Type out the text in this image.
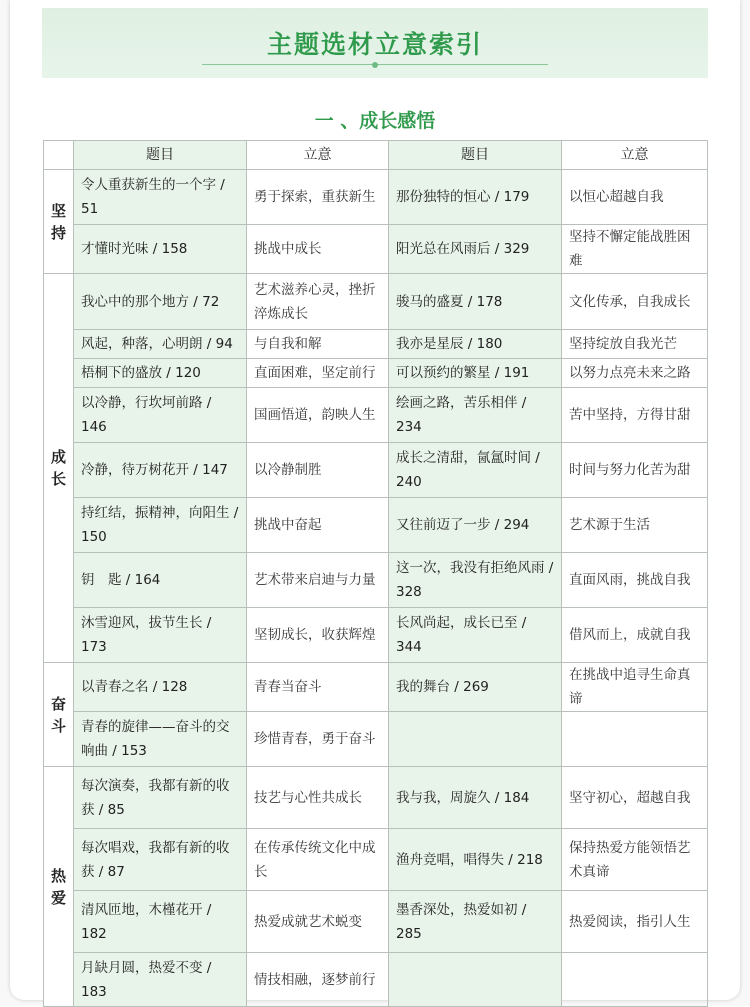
主题选材立意索引
一 、成长感悟
	题目	立意	题目	立意

坚持	令人重获新生的一个字 / 51	勇于探索，重获新生	那份独特的恒心 / 179	以恒心超越自我
	才懂时光味 / 158	挑战中成长	阳光总在风雨后 / 329	坚持不懈定能战胜困难

成长	我心中的那个地方 / 72	艺术滋养心灵，挫折淬炼成长	骏马的盛夏 / 178	文化传承，自我成长
	风起，种落，心明朗 / 94	与自我和解	我亦是星辰 / 180	坚持绽放自我光芒
	梧桐下的盛放 / 120	直面困难，坚定前行	可以预约的繁星 / 191	以努力点亮未来之路
	以冷静，行坎坷前路 / 146	国画悟道，韵映人生	绘画之路，苦乐相伴 / 234	苦中坚持，方得甘甜
	冷静，待万树花开 / 147	以冷静制胜	成长之清甜，氤氲时间 / 240	时间与努力化苦为甜
	持红结，振精神，向阳生 / 150	挑战中奋起	又往前迈了一步 / 294	艺术源于生活
	钥　匙 / 164	艺术带来启迪与力量	这一次，我没有拒绝风雨 / 328	直面风雨，挑战自我
	沐雪迎风，拔节生长 / 173	坚韧成长，收获辉煌	长风尚起，成长已至 / 344	借风而上，成就自我

奋斗	以青春之名 / 128	青春当奋斗	我的舞台 / 269	在挑战中追寻生命真谛
	青春的旋律——奋斗的交响曲 / 153	珍惜青春，勇于奋斗		

热爱	每次演奏，我都有新的收获 / 85	技艺与心性共成长	我与我，周旋久 / 184	坚守初心，超越自我
	每次唱戏，我都有新的收获 / 87	在传承传统文化中成长	渔舟竞唱，唱得失 / 218	保持热爱方能领悟艺术真谛
	清风匝地，木槿花开 / 182	热爱成就艺术蜕变	墨香深处，热爱如初 / 285	热爱阅读，指引人生
	月缺月圆，热爱不变 / 183	情技相融，逐梦前行		
